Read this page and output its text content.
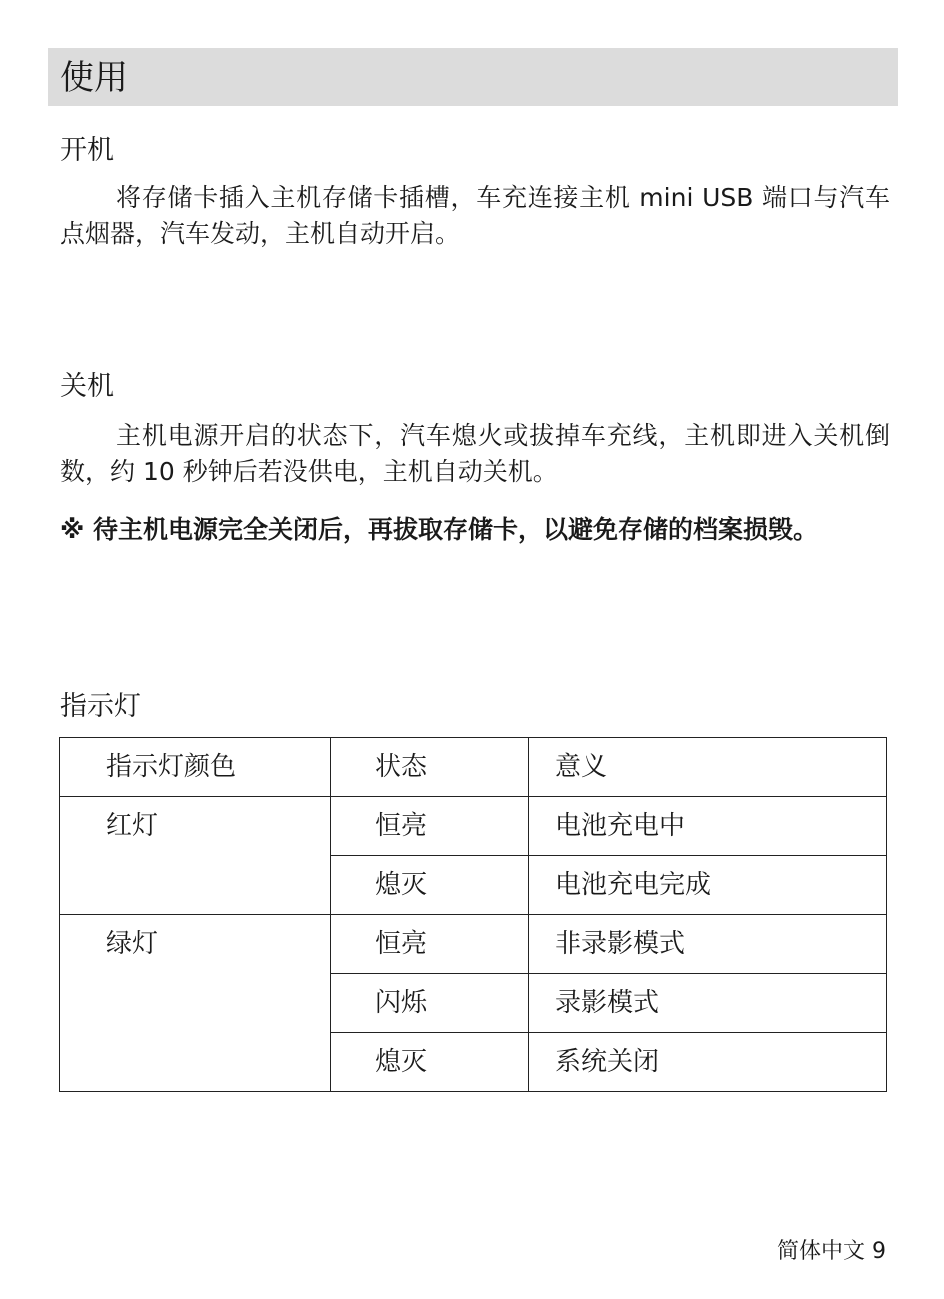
使用
开机
将存储卡插入主机存储卡插槽，车充连接主机 mini USB 端口与汽车点烟器，汽车发动，主机自动开启。
关机
主机电源开启的状态下，汽车熄火或拔掉车充线，主机即进入关机倒数，约 10 秒钟后若没供电，主机自动关机。
※ 待主机电源完全关闭后，再拔取存储卡，以避免存储的档案损毁。
指示灯
指示灯颜色	状态	意义
红灯	恒亮	电池充电中
	熄灭	电池充电完成
绿灯	恒亮	非录影模式
	闪烁	录影模式
	熄灭	系统关闭
简体中文 9
